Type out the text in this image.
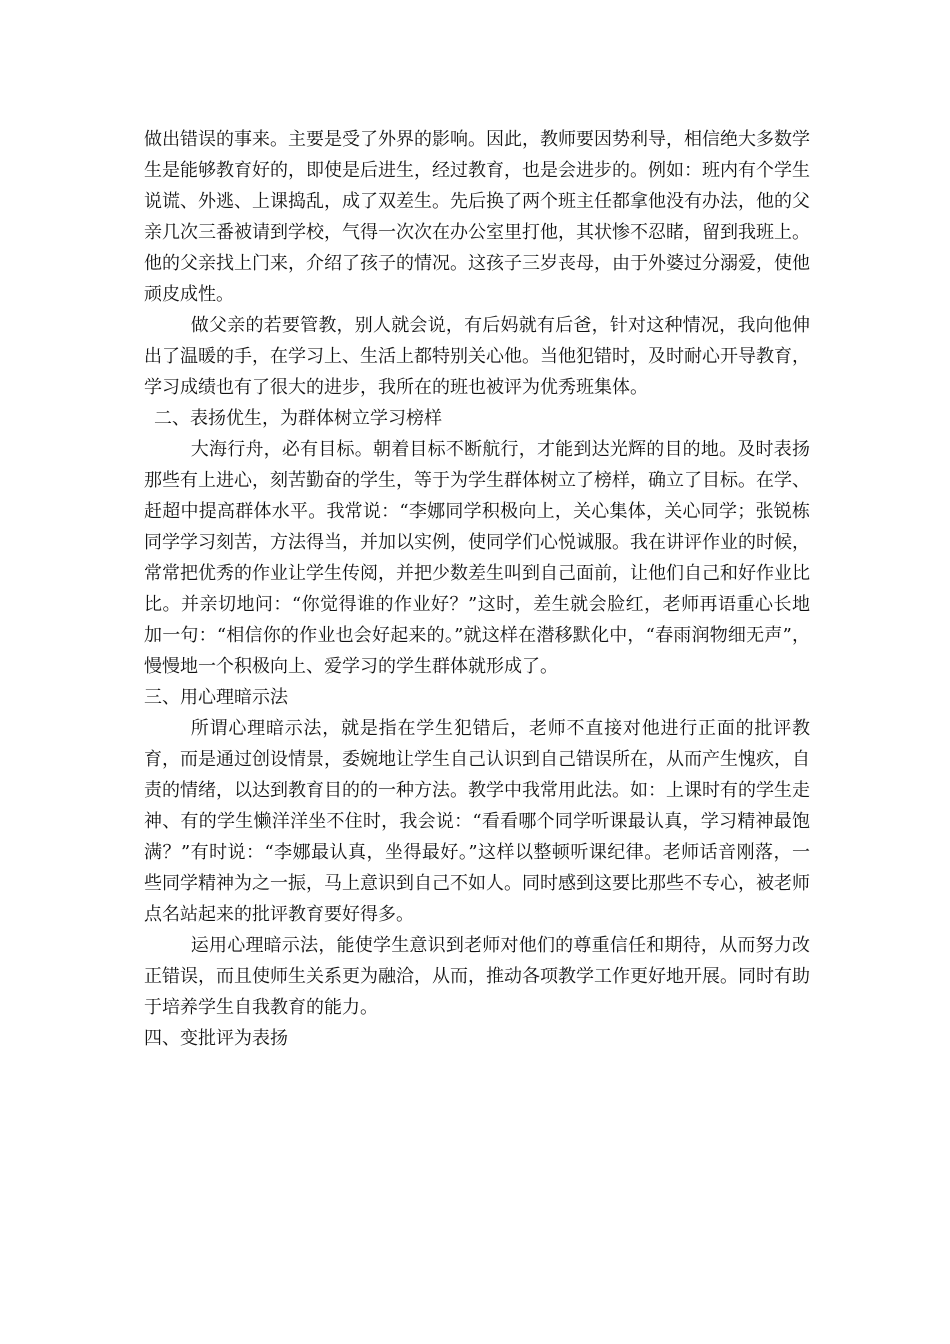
做出错误的事来。主要是受了外界的影响。因此，教师要因势利导，相信绝大多数学生是能够教育好的，即使是后进生，经过教育，也是会进步的。例如：班内有个学生说谎、外逃、上课捣乱，成了双差生。先后换了两个班主任都拿他没有办法，他的父亲几次三番被请到学校，气得一次次在办公室里打他，其状惨不忍睹，留到我班上。他的父亲找上门来，介绍了孩子的情况。这孩子三岁丧母，由于外婆过分溺爱，使他顽皮成性。

做父亲的若要管教，别人就会说，有后妈就有后爸，针对这种情况，我向他伸出了温暖的手，在学习上、生活上都特别关心他。当他犯错时，及时耐心开导教育，学习成绩也有了很大的进步，我所在的班也被评为优秀班集体。

二、表扬优生，为群体树立学习榜样

大海行舟，必有目标。朝着目标不断航行，才能到达光辉的目的地。及时表扬那些有上进心，刻苦勤奋的学生，等于为学生群体树立了榜样，确立了目标。在学、赶超中提高群体水平。我常说：“李娜同学积极向上，关心集体，关心同学；张锐栋同学学习刻苦，方法得当，并加以实例，使同学们心悦诚服。我在讲评作业的时候，常常把优秀的作业让学生传阅，并把少数差生叫到自己面前，让他们自己和好作业比比。并亲切地问：“你觉得谁的作业好？”这时，差生就会脸红，老师再语重心长地加一句：“相信你的作业也会好起来的。”就这样在潜移默化中，“春雨润物细无声”，慢慢地一个积极向上、爱学习的学生群体就形成了。

三、用心理暗示法

所谓心理暗示法，就是指在学生犯错后，老师不直接对他进行正面的批评教育，而是通过创设情景，委婉地让学生自己认识到自己错误所在，从而产生愧疚，自责的情绪，以达到教育目的的一种方法。教学中我常用此法。如：上课时有的学生走神、有的学生懒洋洋坐不住时，我会说：“看看哪个同学听课最认真，学习精神最饱满？”有时说：“李娜最认真，坐得最好。”这样以整顿听课纪律。老师话音刚落，一些同学精神为之一振，马上意识到自己不如人。同时感到这要比那些不专心，被老师点名站起来的批评教育要好得多。

运用心理暗示法，能使学生意识到老师对他们的尊重信任和期待，从而努力改正错误，而且使师生关系更为融洽，从而，推动各项教学工作更好地开展。同时有助于培养学生自我教育的能力。

四、变批评为表扬
